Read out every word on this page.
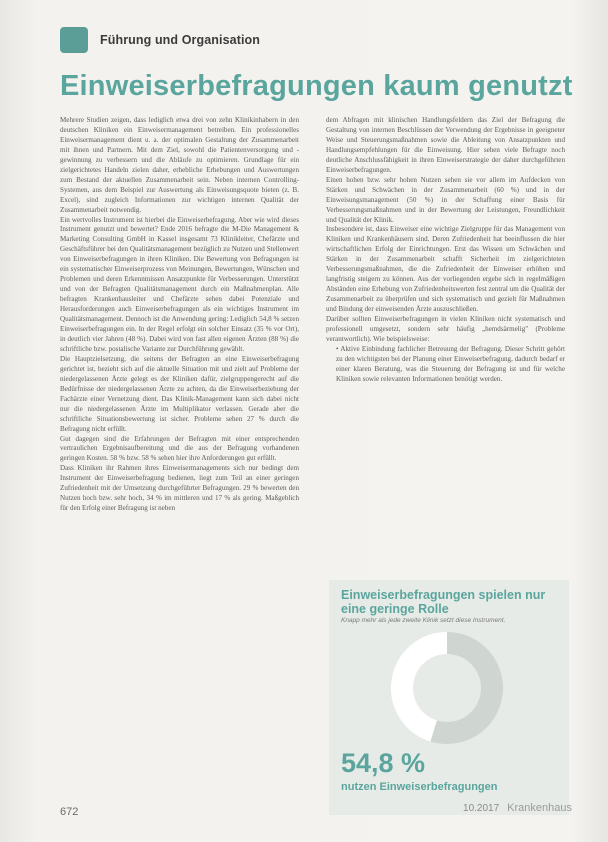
Führung und Organisation
Einweiserbefragungen kaum genutzt

Mehrere Studien zeigen, dass lediglich etwa drei von zehn Klinikinhabern in den deutschen Kliniken ein Einweisermanagement betreiben. Ein professionelles Einweisermanagement dient u. a. der optimalen Gestaltung der Zusammenarbeit mit ihnen und Partnern. Mit dem Ziel, sowohl die Patientenversorgung und -gewinnung zu verbessern und die Abläufe zu optimieren. Grundlage für ein zielgerichtetes Handeln zielen daher, erhebliche Erhebungen und Auswertungen zum Bestand der aktuellen Zusammenarbeit sein. Neben internen Controlling-Systemen, aus dem Beispiel zur Auswertung als Einweisungsquote bieten (z. B. Excel), sind zugleich Informationen zur wichtigen internen Qualität der Zusammenarbeit notwendig.

Ein wertvolles Instrument ist hierbei die Einweiserbefragung. Aber wie wird dieses Instrument genutzt und bewertet? Ende 2016 befragte die M-Die Management & Marketing Consulting GmbH in Kassel insgesamt 73 Klinikleiter, Chefärzte und Geschäftsführer bei den Qualitätsmanagement bezüglich zu Nutzen und Stellenwert von Einweiserbefragungen in ihren Kliniken. Die Bewertung von Befragungen ist ein systematischer Einweiserprozess von Meinungen, Bewertungen, Wünschen und Problemen und deren Erkenntnissen Ansatzpunkte für Verbesserungen. Unterstützt und von der Befragten Qualitätsmanagement durch ein Maßnahmenplan. Alle befragten Krankenhausleiter und Chefärzte sehen dabei Potenziale und Herausforderungen auch Einweiserbefragungen als ein wichtiges Instrument im Qualitätsmanagement. Dennoch ist die Anwendung gering: Lediglich 54,8 % setzen Einweiserbefragungen ein. In der Regel erfolgt ein solcher Einsatz (35 % vor Ort), in deutlich vier Jahren (48 %). Dabei wird von fast allen eigenen Ärzten (88 %) die schriftliche bzw. postalische Variante zur Durchführung gewählt.

Die Hauptzielsetzung, die seitens der Befragten an eine Einweiserbefragung gerichtet ist, bezieht sich auf die aktuelle Situation mit und zielt auf Probleme der niedergelassenen Ärzte gelegt es der Kliniken dafür, zielgruppengerecht auf die Bedürfnisse der niedergelassenen Ärzte zu achten, da die Einweiserbeziehung der Fachärzte einer Vernetzung dient. Das Klinik-Management kann sich dabei nicht nur die niedergelassenen Ärzte im Multiplikator verlassen. Gerade aber die schriftliche Situationsbewertung ist sicher. Probleme sehen 27 % durch die Befragung nicht erfüllt.

Gut dagegen sind die Erfahrungen der Befragten mit einer entsprechenden vertraulichen Ergebnisaufbereitung und die aus der Befragung vorhandenen geringen Kosten. 58 % bzw. 58 % sehen hier ihre Anforderungen gut erfüllt.

Dass Kliniken ihr Rahmen ihres Einweisermanagements sich nur bedingt dem Instrument der Einweiserbefragung bedienen, liegt zum Teil an einer geringen Zufriedenheit mit der Umsetzung durchgeführter Befragungen. 29 % bewerten den Nutzen hoch bzw. sehr hoch, 34 % im mittleren und 17 % als gering. Maßgeblich für den Erfolg einer Befragung ist neben

dem Abfragen mit klinischen Handlungsfeldern das Ziel der Befragung die Gestaltung von internen Beschlüssen der Verwendung der Ergebnisse in geeigneter Weise und Steuerungsmaßnahmen sowie die Ableitung von Ansatzpunkten und Handlungsempfehlungen für die Einweisung. Hier sehen viele Befragte noch deutliche Anschlussfähigkeit in ihren Einweiserstrategie der daher durchgeführten Einweiserbefragungen.

Einen hohen bzw. sehr hohen Nutzen sehen sie vor allem im Aufdecken von Stärken und Schwächen in der Zusammenarbeit (60 %) und in der Einweisungsmanagement (50 %) in der Schaffung einer Basis für Verbesserungsmaßnahmen und in der Bewertung der Leistungen, Freundlichkeit und Qualität der Klinik.

Insbesondere ist, dass Einweiser eine wichtige Zielgruppe für das Management von Kliniken und Krankenhäusern sind. Deren Zufriedenheit hat beeinflussen die hier wirtschaftlichen Erfolg der Einrichtungen. Erst das Wissen um Schwächen und Stärken in der Zusammenarbeit schafft Sicherheit im zielgerichteten Verbesserungsmaßnahmen, die die Zufriedenheit der Einweiser erhöhen und langfristig steigern zu können. Aus der vorliegenden ergebe sich in regelmäßigen Abständen eine Erhebung von Zufriedenheitswerten fest zentral um die Qualität der Zusammenarbeit zu überprüfen und sich systematisch und gezielt für Maßnahmen und Bindung der einweisenden Ärzte auszuschließen.

Darüber sollten Einweiserbefragungen in vielen Kliniken nicht systematisch und professionell umgesetzt, sondern sehr häufig „hemdsärmelig" (Probleme verantwortlich). Wie beispielsweise:

• Aktive Einbindung fachlicher Betreuung der Befragung. Dieser Schritt gehört zu den wichtigsten bei der Planung einer Einweiserbefragung, dadurch bedarf er einer klaren Beratung, was die Steuerung der Befragung ist und für welche Kliniken sowie relevanten Informationen benötigt werden.

Einweiserbefragungen spielen nur eine geringe Rolle
Knapp mehr als jede zweite Klinik setzt diese Instrument.
54,8 %
nutzen Einweiserbefragungen
672	10.2017 Krankenhaus
